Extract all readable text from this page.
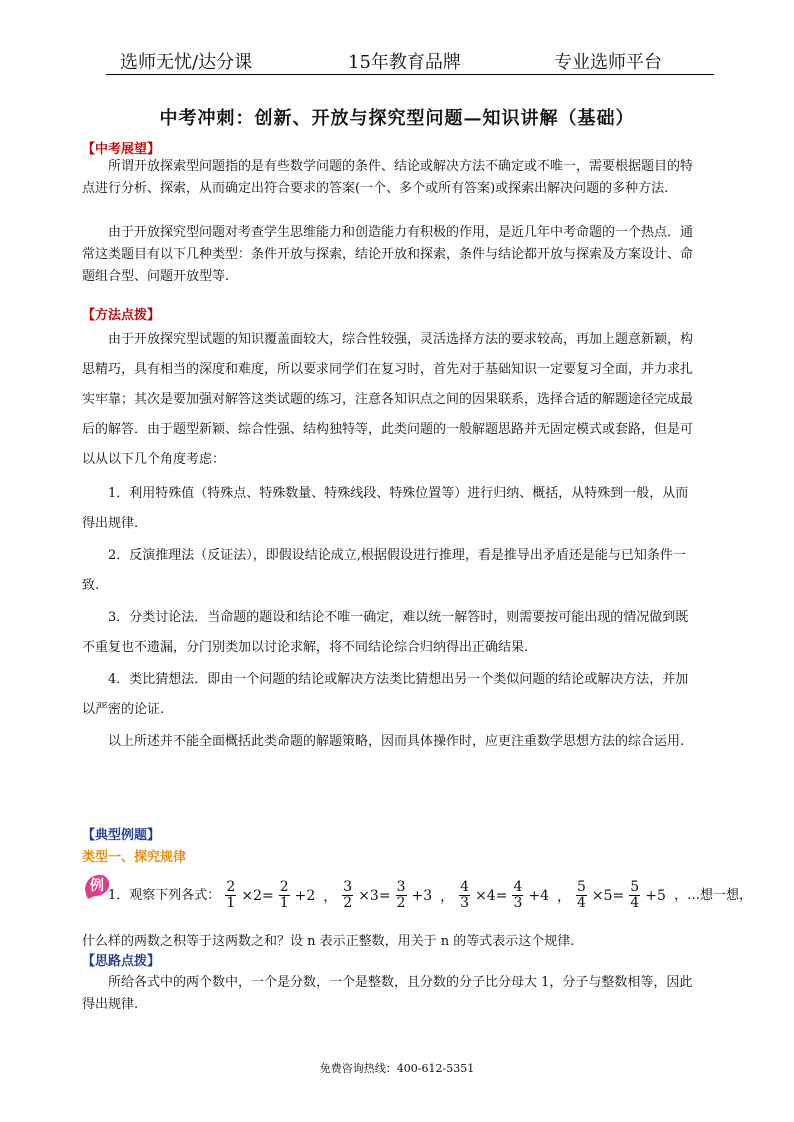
选师无忧/达分课	15年教育品牌	专业选师平台
中考冲刺：创新、开放与探究型问题—知识讲解（基础）
【中考展望】

所谓开放探索型问题指的是有些数学问题的条件、结论或解决方法不确定或不唯一，需要根据题目的特点进行分析、探索，从而确定出符合要求的答案(一个、多个或所有答案)或探索出解决问题的多种方法.

由于开放探究型问题对考查学生思维能力和创造能力有积极的作用，是近几年中考命题的一个热点．通常这类题目有以下几种类型：条件开放与探索，结论开放和探索，条件与结论都开放与探索及方案设计、命题组合型、问题开放型等.

【方法点拨】

由于开放探究型试题的知识覆盖面较大，综合性较强，灵活选择方法的要求较高，再加上题意新颖，构思精巧，具有相当的深度和难度，所以要求同学们在复习时，首先对于基础知识一定要复习全面，并力求扎实牢靠；其次是要加强对解答这类试题的练习，注意各知识点之间的因果联系，选择合适的解题途径完成最后的解答．由于题型新颖、综合性强、结构独特等，此类问题的一般解题思路并无固定模式或套路，但是可以从以下几个角度考虑：

1．利用特殊值（特殊点、特殊数量、特殊线段、特殊位置等）进行归纳、概括，从特殊到一般，从而得出规律.

2．反演推理法（反证法），即假设结论成立,根据假设进行推理，看是推导出矛盾还是能与已知条件一致.

3．分类讨论法．当命题的题设和结论不唯一确定，难以统一解答时，则需要按可能出现的情况做到既不重复也不遗漏，分门别类加以讨论求解，将不同结论综合归纳得出正确结果.

4．类比猜想法．即由一个问题的结论或解决方法类比猜想出另一个类似问题的结论或解决方法，并加以严密的论证.

以上所述并不能全面概括此类命题的解题策略，因而具体操作时，应更注重数学思想方法的综合运用.

【典型例题】
类型一、探究规律
例
1．观察下列各式： $\frac{2}{1} \times 2= \frac{2}{1} +2$ ， $\frac{3}{2} \times 3= \frac{3}{2} +3$ ， $\frac{4}{3} \times 4= \frac{4}{3} +4$ ， $\frac{5}{4} \times 5= \frac{5}{4} +5$ ，…想一想，
什么样的两数之积等于这两数之和？设 n 表示正整数，用关于 n 的等式表示这个规律.
【思路点拨】

所给各式中的两个数中，一个是分数，一个是整数，且分数的分子比分母大 1，分子与整数相等，因此得出规律.

免费咨询热线：400-612-5351
